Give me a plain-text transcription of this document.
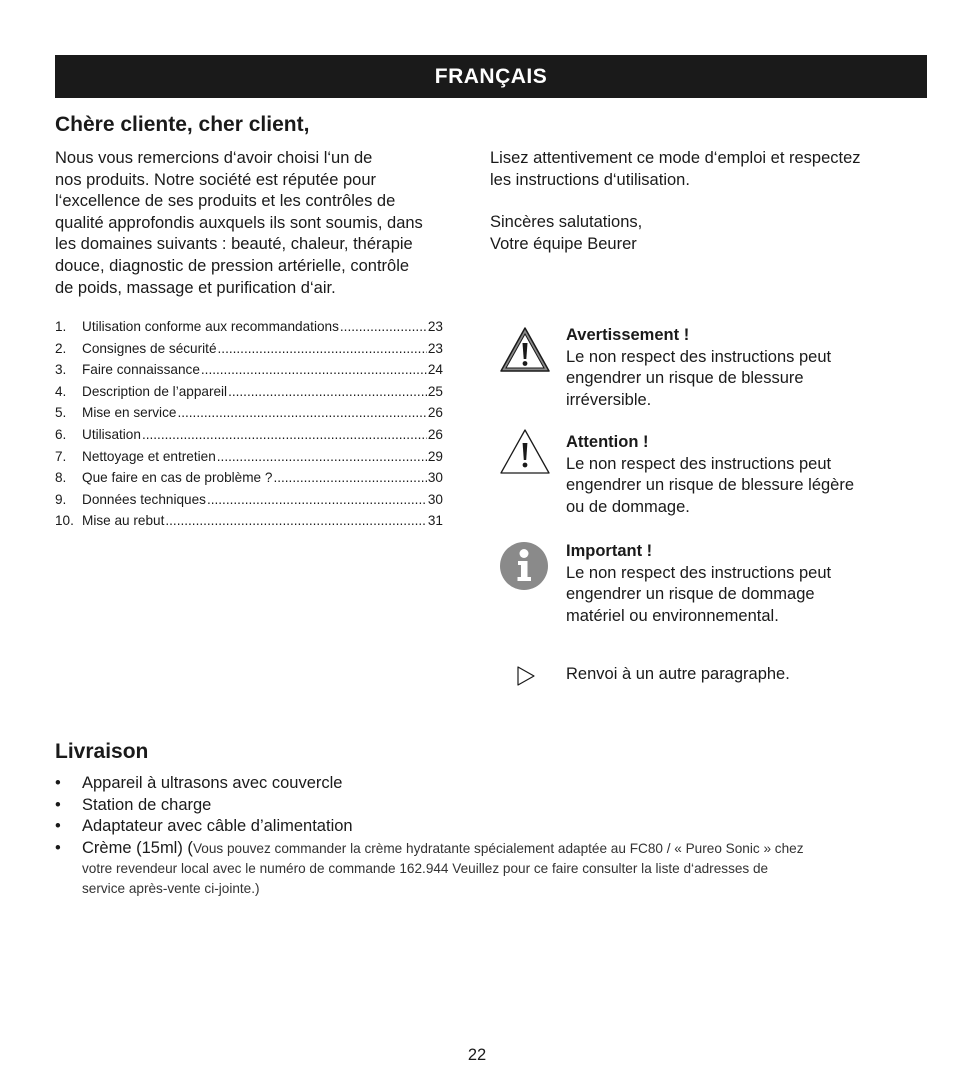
FRANÇAIS
Chère cliente, cher client,
Nous vous remercions d‘avoir choisi l‘un de
nos produits. Notre société est réputée pour
l‘excellence de ses produits et les contrôles de
qualité approfondis auxquels ils sont soumis, dans
les domaines suivants : beauté, chaleur, thérapie
douce, diagnostic de pression artérielle, contrôle
de poids, massage et purification d‘air.
Lisez attentivement ce mode d‘emploi et respectez
les instructions d‘utilisation.
Sincères salutations,
Votre équipe Beurer
1.	Utilisation conforme aux recommandations .....	23
2.	Consignes de sécurité .....	23
3.	Faire connaissance .....	24
4.	Description de l’appareil .....	25
5.	Mise en service .....	26
6.	Utilisation .....	26
7.	Nettoyage et entretien .....	29
8.	Que faire en cas de problème ? .....	30
9.	Données techniques .....	30
10. Mise au rebut .....	31
Avertissement !
Le non respect des instructions peut
engendrer un risque de blessure
irréversible.
Attention !
Le non respect des instructions peut
engendrer un risque de blessure légère
ou de dommage.
Important !
Le non respect des instructions peut
engendrer un risque de dommage
matériel ou environnemental.
Renvoi à un autre paragraphe.
Livraison
• Appareil à ultrasons avec couvercle
• Station de charge
• Adaptateur avec câble d’alimentation
• Crème (15ml) (Vous pouvez commander la crème hydratante spécialement adaptée au FC80 / « Pureo Sonic » chez
votre revendeur local avec le numéro de commande 162.944 Veuillez pour ce faire consulter la liste d‘adresses de
service après-vente ci-jointe.)
22
